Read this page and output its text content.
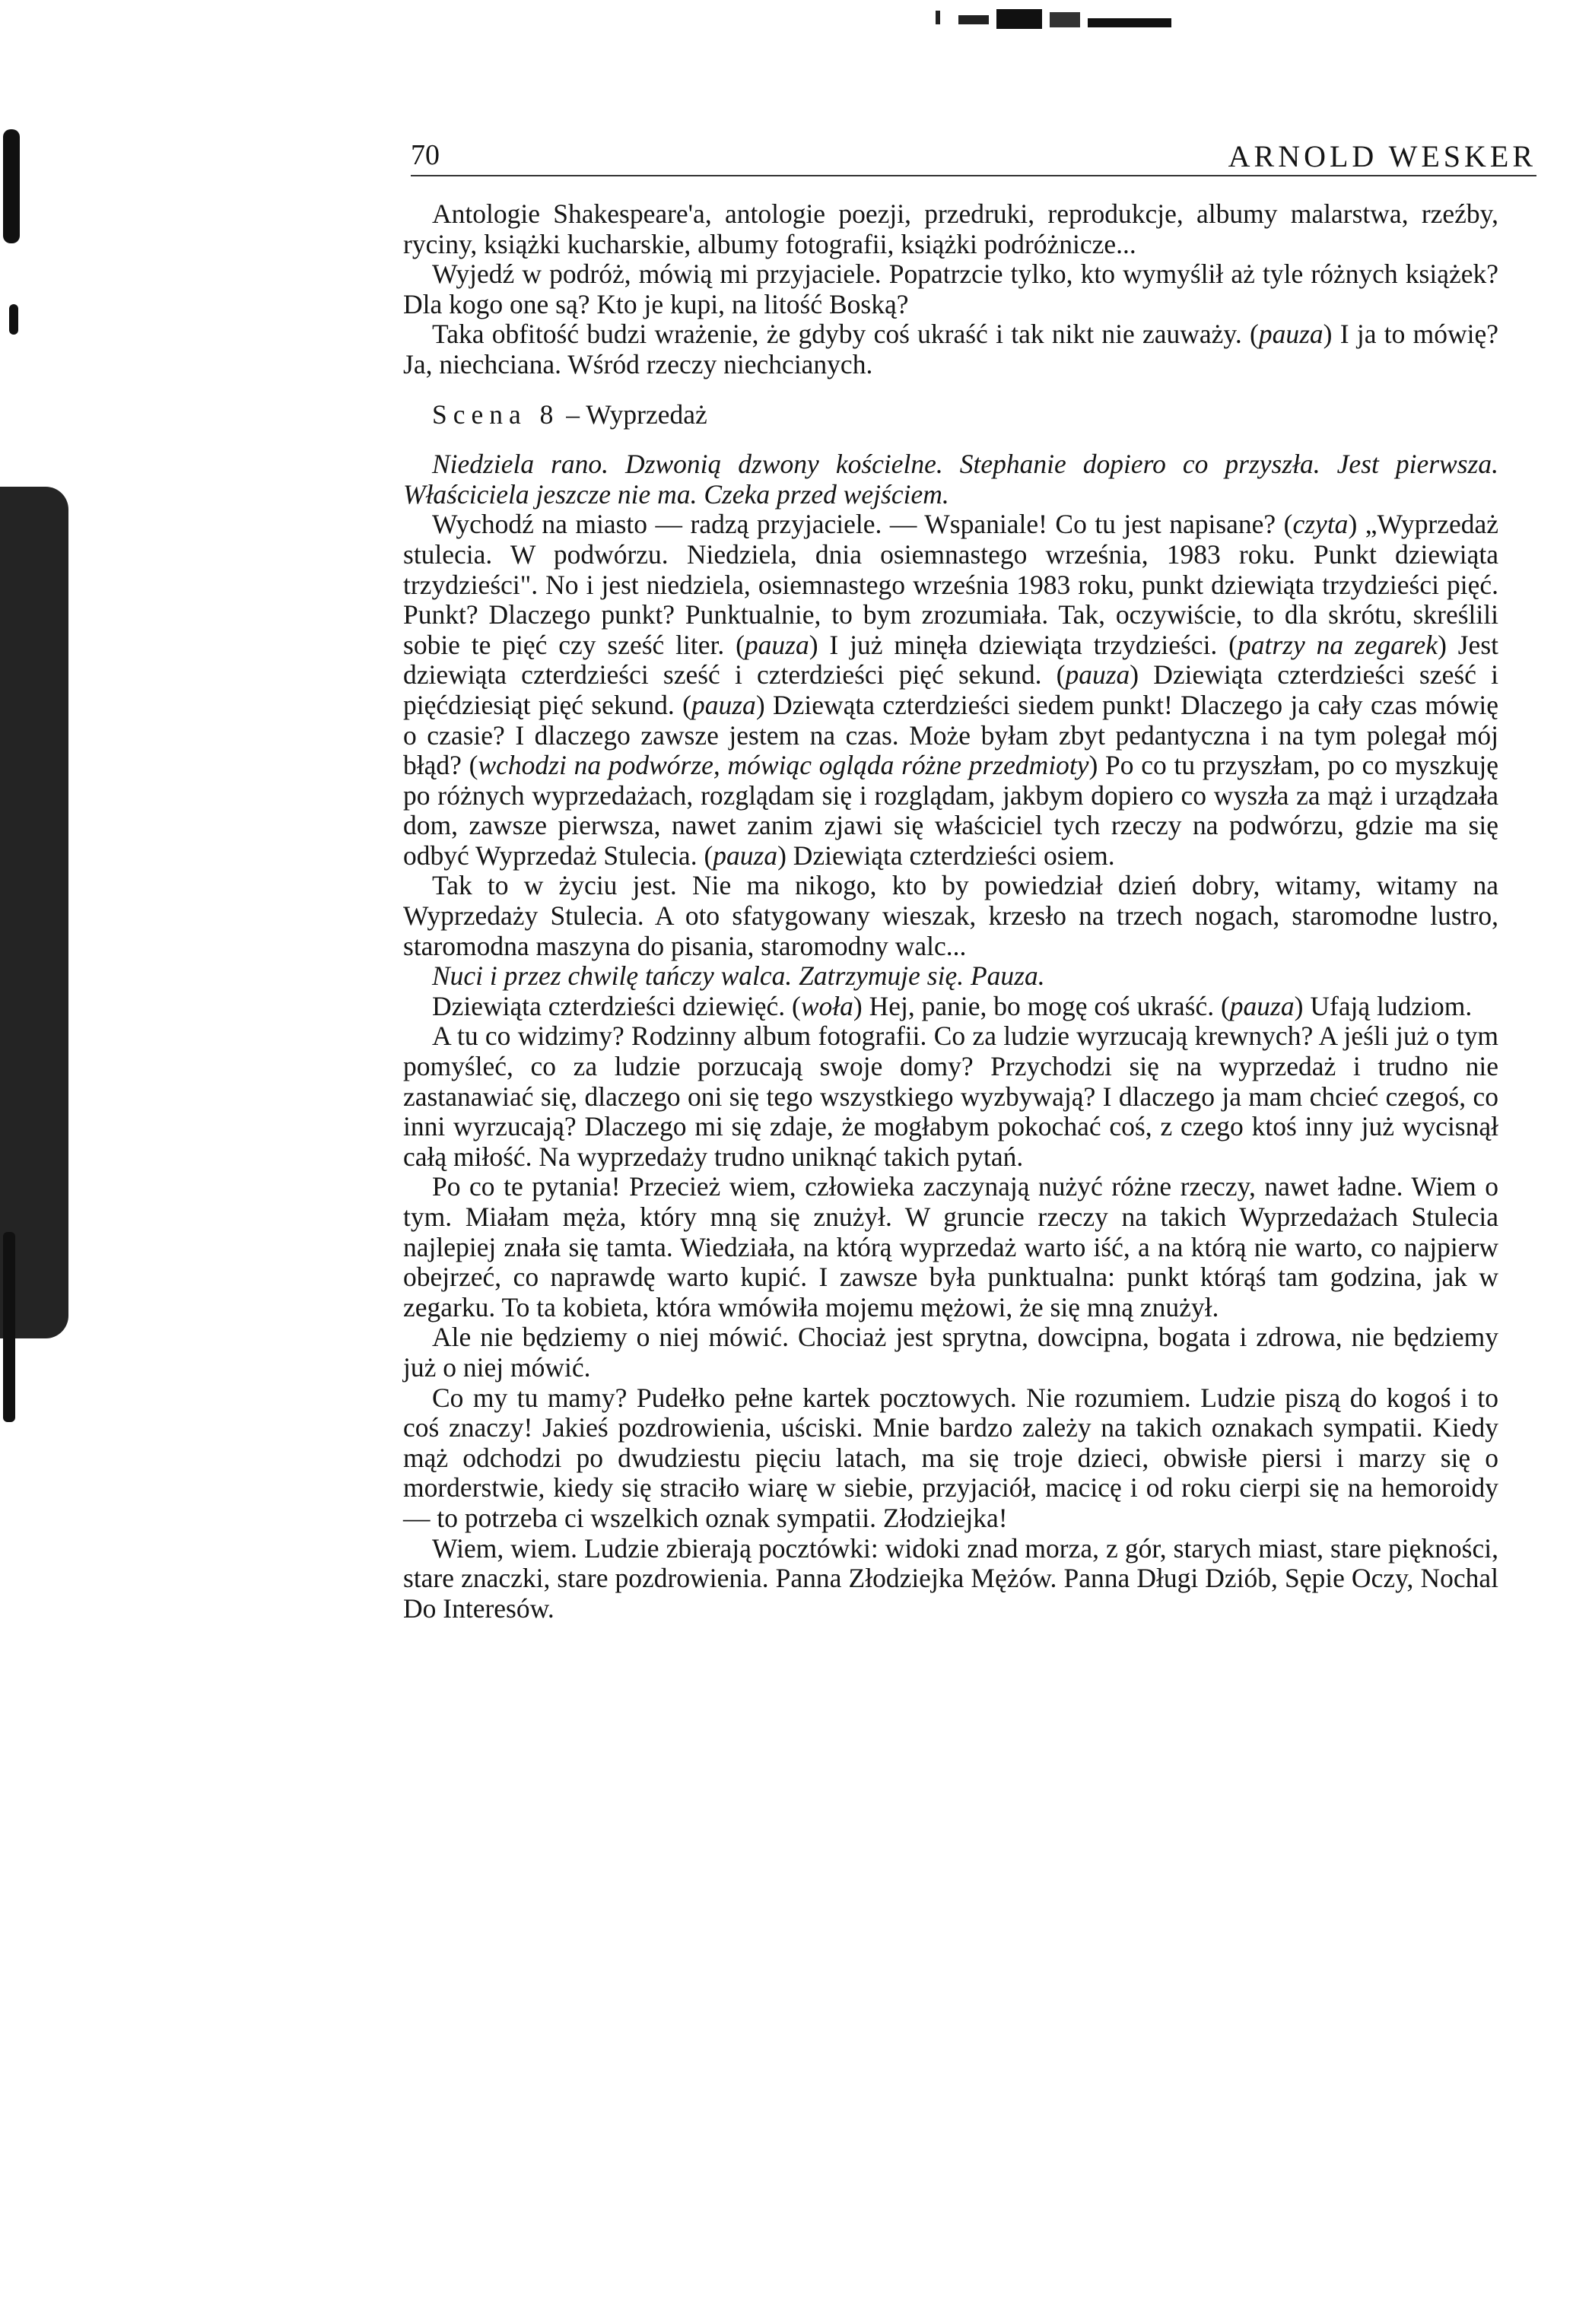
70	ARNOLD WESKER

Antologie Shakespeare'a, antologie poezji, przedruki, reprodukcje, albumy malarstwa, rzeźby, ryciny, książki kucharskie, albumy fotografii, książki podróżnicze...

Wyjedź w podróż, mówią mi przyjaciele. Popatrzcie tylko, kto wymyślił aż tyle różnych książek? Dla kogo one są? Kto je kupi, na litość Boską?

Taka obfitość budzi wrażenie, że gdyby coś ukraść i tak nikt nie zauważy. (pauza) I ja to mówię? Ja, niechciana. Wśród rzeczy niechcianych.

Scena 8 – Wyprzedaż

Niedziela rano. Dzwonią dzwony kościelne. Stephanie dopiero co przyszła. Jest pierwsza. Właściciela jeszcze nie ma. Czeka przed wejściem.

Wychodź na miasto — radzą przyjaciele. — Wspaniale! Co tu jest napisane? (czyta) „Wyprzedaż stulecia. W podwórzu. Niedziela, dnia osiemnastego września, 1983 roku. Punkt dziewiąta trzydzieści". No i jest niedziela, osiemnastego września 1983 roku, punkt dziewiąta trzydzieści pięć. Punkt? Dlaczego punkt? Punktualnie, to bym zrozumiała. Tak, oczywiście, to dla skrótu, skreślili sobie te pięć czy sześć liter. (pauza) I już minęła dziewiąta trzydzieści. (patrzy na zegarek) Jest dziewiąta czterdzieści sześć i czterdzieści pięć sekund. (pauza) Dziewiąta czterdzieści sześć i pięćdziesiąt pięć sekund. (pauza) Dziewąta czterdzieści siedem punkt! Dlaczego ja cały czas mówię o czasie? I dlaczego zawsze jestem na czas. Może byłam zbyt pedantyczna i na tym polegał mój błąd? (wchodzi na podwórze, mówiąc ogląda różne przedmioty) Po co tu przyszłam, po co myszkuję po różnych wyprzedażach, rozglądam się i rozglądam, jakbym dopiero co wyszła za mąż i urządzała dom, zawsze pierwsza, nawet zanim zjawi się właściciel tych rzeczy na podwórzu, gdzie ma się odbyć Wyprzedaż Stulecia. (pauza) Dziewiąta czterdzieści osiem.

Tak to w życiu jest. Nie ma nikogo, kto by powiedział dzień dobry, witamy, witamy na Wyprzedaży Stulecia. A oto sfatygowany wieszak, krzesło na trzech nogach, staromodne lustro, staromodna maszyna do pisania, staromodny walc...

Nuci i przez chwilę tańczy walca. Zatrzymuje się. Pauza.

Dziewiąta czterdzieści dziewięć. (woła) Hej, panie, bo mogę coś ukraść. (pauza) Ufają ludziom.

A tu co widzimy? Rodzinny album fotografii. Co za ludzie wyrzucają krewnych? A jeśli już o tym pomyśleć, co za ludzie porzucają swoje domy? Przychodzi się na wyprzedaż i trudno nie zastanawiać się, dlaczego oni się tego wszystkiego wyzbywają? I dlaczego ja mam chcieć czegoś, co inni wyrzucają? Dlaczego mi się zdaje, że mogłabym pokochać coś, z czego ktoś inny już wycisnął całą miłość. Na wyprzedaży trudno uniknąć takich pytań.

Po co te pytania! Przecież wiem, człowieka zaczynają nużyć różne rzeczy, nawet ładne. Wiem o tym. Miałam męża, który mną się znużył. W gruncie rzeczy na takich Wyprzedażach Stulecia najlepiej znała się tamta. Wiedziała, na którą wyprzedaż warto iść, a na którą nie warto, co najpierw obejrzeć, co naprawdę warto kupić. I zawsze była punktualna: punkt którąś tam godzina, jak w zegarku. To ta kobieta, która wmówiła mojemu mężowi, że się mną znużył.

Ale nie będziemy o niej mówić. Chociaż jest sprytna, dowcipna, bogata i zdrowa, nie będziemy już o niej mówić.

Co my tu mamy? Pudełko pełne kartek pocztowych. Nie rozumiem. Ludzie piszą do kogoś i to coś znaczy! Jakieś pozdrowienia, uściski. Mnie bardzo zależy na takich oznakach sympatii. Kiedy mąż odchodzi po dwudziestu pięciu latach, ma się troje dzieci, obwisłe piersi i marzy się o morderstwie, kiedy się straciło wiarę w siebie, przyjaciół, macicę i od roku cierpi się na hemoroidy — to potrzeba ci wszelkich oznak sympatii. Złodziejka!

Wiem, wiem. Ludzie zbierają pocztówki: widoki znad morza, z gór, starych miast, stare piękności, stare znaczki, stare pozdrowienia. Panna Złodziejka Mężów. Panna Długi Dziób, Sępie Oczy, Nochal Do Interesów.
